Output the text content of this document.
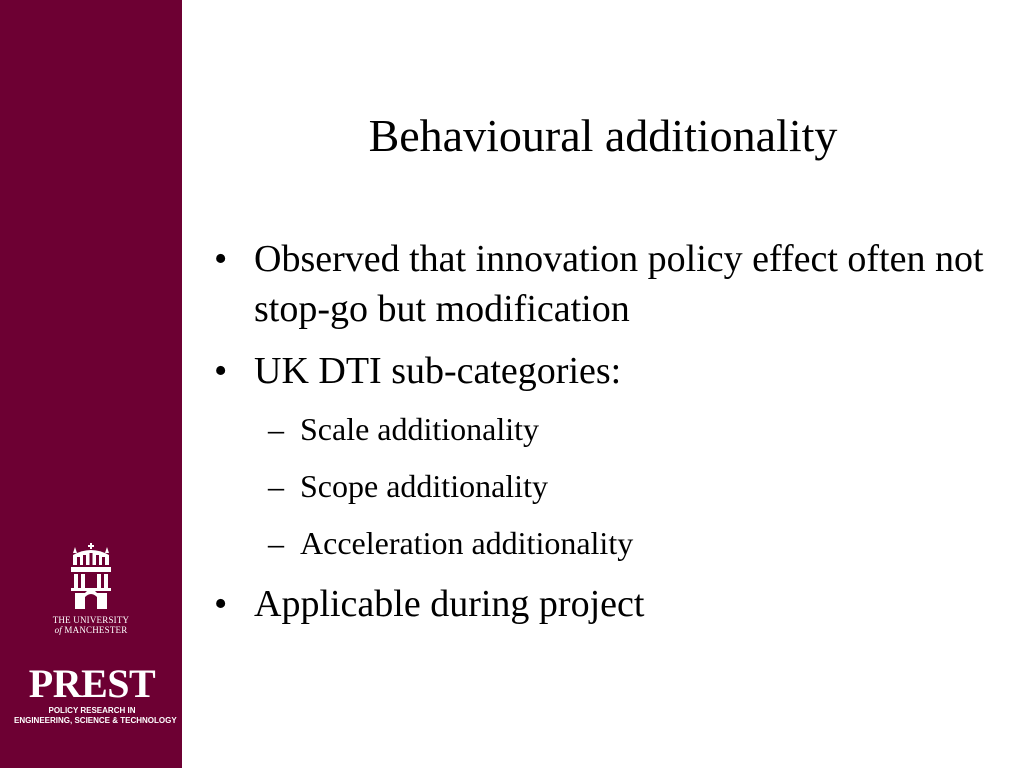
THE UNIVERSITY
of MANCHESTER
PREST
POLICY RESEARCH IN
ENGINEERING, SCIENCE & TECHNOLOGY
Behavioural additionality
• Observed that innovation policy effect often not stop-go but modification
• UK DTI sub-categories:
– Scale additionality
– Scope additionality
– Acceleration additionality
• Applicable during project
